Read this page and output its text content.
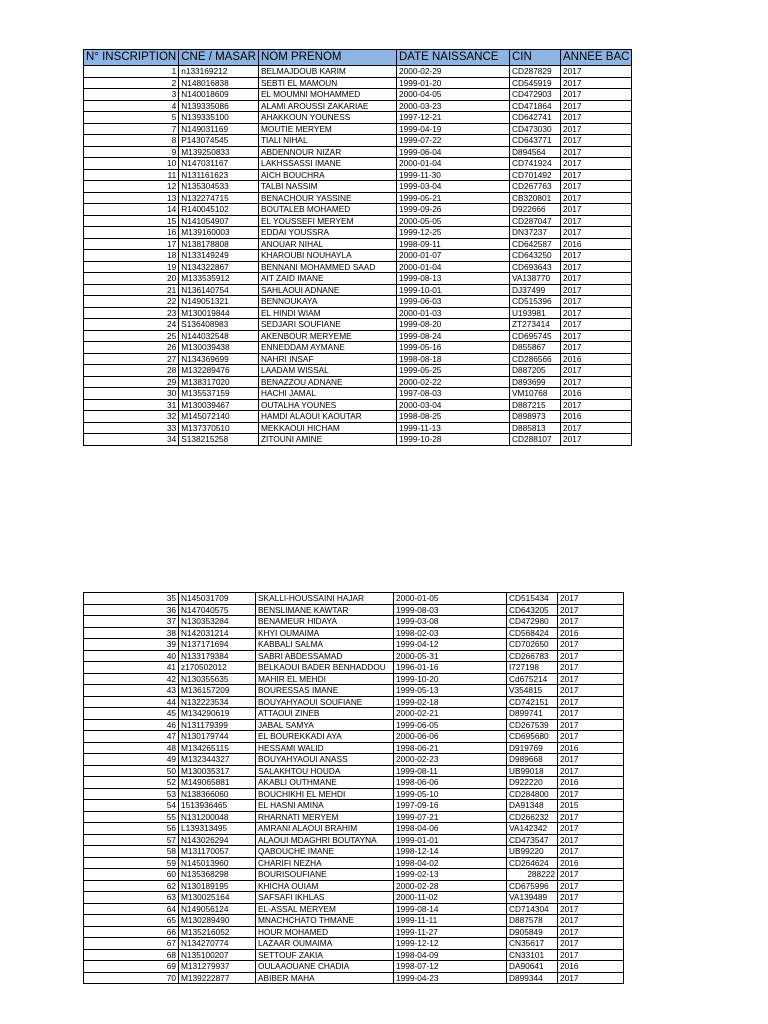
N° INSCRIPTION	CNE / MASAR	NOM PRENOM	DATE NAISSANCE	CIN	ANNEE BAC
1	n133169212	BELMAJDOUB KARIM	2000-02-29	CD287829	2017
2	N148016838	SEBTI EL MAMOUN	1999-01-20	CD545919	2017
3	N140018609	EL MOUMNI MOHAMMED	2000-04-05	CD472903	2017
4	N139335086	ALAMI AROUSSI ZAKARIAE	2000-03-23	CD471864	2017
5	N139335100	AHAKKOUN YOUNESS	1997-12-21	CD642741	2017
7	N149031169	MOUTIE MERYEM	1999-04-19	CD473030	2017
8	P143074545	TIALI NIHAL	1999-07-22	CD643771	2017
9	M139250833	ABDENNOUR NIZAR	1999-06-04	D894564	2017
10	N147031167	LAKHSSASSI IMANE	2000-01-04	CD741924	2017
11	N131161623	AICH BOUCHRA	1999-11-30	CD701492	2017
12	N135304533	TALBI NASSIM	1999-03-04	CD267763	2017
13	N132274715	BENACHOUR YASSINE	1999-05-21	CB320801	2017
14	R140045102	BOUTALEB MOHAMED	1999-09-26	D922666	2017
15	N141054907	EL YOUSSEFI MERYEM	2000-05-05	CD287047	2017
16	M139160003	EDDAI YOUSSRA	1999-12-25	DN37237	2017
17	N138178808	ANOUAR NIHAL	1998-09-11	CD642587	2016
18	N133149249	KHAROUBI NOUHAYLA	2000-01-07	CD643250	2017
19	N134322867	BENNANI MOHAMMED SAAD	2000-01-04	CD693643	2017
20	M133535912	AIT ZAID IMANE	1999-08-13	VA138770	2017
21	N136140754	SAHLAOUI ADNANE	1999-10-01	DJ37499	2017
22	N149051321	BENNOUKAYA	1999-06-03	CD515396	2017
23	M130019844	EL HINDI WIAM	2000-01-03	U193981	2017
24	S136408983	SEDJARI SOUFIANE	1999-08-20	ZT273414	2017
25	N144032548	AKENBOUR MERYEME	1999-08-24	CD695745	2017
26	M130039438	ENNEDDAM AYMANE	1999-05-16	D855867	2017
27	N134369699	NAHRI INSAF	1998-08-18	CD286566	2016
28	M132289476	LAADAM WISSAL	1999-05-25	D887205	2017
29	M138317020	BENAZZOU ADNANE	2000-02-22	D893699	2017
30	M135537159	HACHI JAMAL	1997-08-03	VM10768	2016
31	M130039467	OUTALHA YOUNES	2000-03-04	D887215	2017
32	M145072140	HAMDI ALAOUI KAOUTAR	1998-08-25	D898973	2016
33	M137370510	MEKKAOUI HICHAM	1999-11-13	D885813	2017
34	S138215258	ZITOUNI AMINE	1999-10-28	CD288107	2017
35	N145031709	SKALLI-HOUSSAINI HAJAR	2000-01-05	CD515434	2017
36	N147040575	BENSLIMANE KAWTAR	1999-08-03	CD643205	2017
37	N130353284	BENAMEUR HIDAYA	1999-03-08	CD472980	2017
38	N142031214	KHYI OUMAIMA	1998-02-03	CD568424	2016
39	N137171694	KABBALI SALMA	1999-04-12	CD702650	2017
40	N133179384	SABRI ABDESSAMAD	2000-05-31	CD266783	2017
41	z170502012	BELKAOUI BADER BENHADDOU	1996-01-16	I727198	2017
42	N130355635	MAHIR EL MEHDI	1999-10-20	Cd675214	2017
43	M136157209	BOURESSAS IMANE	1999-05-13	V354815	2017
44	N132223534	BOUYAHYAOUI SOUFIANE	1999-02-18	CD742151	2017
45	M134290619	ATTAOUI ZINEB	2000-02-21	D899741	2017
46	N131179399	JABAL SAMYA	1999-06-05	CD267539	2017
47	N130179744	EL BOUREKKADI AYA	2000-06-06	CD695680	2017
48	M134265115	HESSAMI WALID	1998-06-21	D919769	2016
49	M132344327	BOUYAHYAOUI ANASS	2000-02-23	D989668	2017
50	M130035317	SALAKHTOU HOUDA	1999-08-11	UB99018	2017
52	M149065881	AKABLI OUTHMANE	1998-06-06	D922220	2016
53	N138366060	BOUCHIKHI EL MEHDI	1999-05-10	CD284800	2017
54	1513936465	EL HASNI AMINA	1997-09-16	DA91348	2015
55	N131200048	RHARNATI MERYEM	1999-07-21	CD266232	2017
56	L139313495	AMRANI ALAOUI BRAHIM	1998-04-06	VA142342	2017
57	N143026294	ALAOUI MDAGHRI BOUTAYNA	1999-01-01	CD473547	2017
58	M131170057	QABOUCHE IMANE	1998-12-14	UB99220	2017
59	N145013960	CHARIFI NEZHA	1998-04-02	CD264624	2016
60	N135368298	BOURISOUFIANE	1999-02-13	288222	2017
62	N130189195	KHICHA OUIAM	2000-02-28	CD675996	2017
63	M130025164	SAFSAFI IKHLAS	2000-11-02	VA139489	2017
64	N149056124	EL-ASSAL MERYEM	1999-08-14	CD714304	2017
65	M130289490	MNACHCHATO THMANE	1999-11-11	D887578	2017
66	M135216052	HOUR MOHAMED	1999-11-27	D905849	2017
67	N134270774	LAZAAR OUMAIMA	1999-12-12	CN35617	2017
68	N135100207	SETTOUF ZAKIA	1998-04-09	CN33101	2017
69	M131279937	OULAAOUANE CHADIA	1998-07-12	DA90641	2016
70	M139222877	ABIBER MAHA	1999-04-23	D899344	2017
